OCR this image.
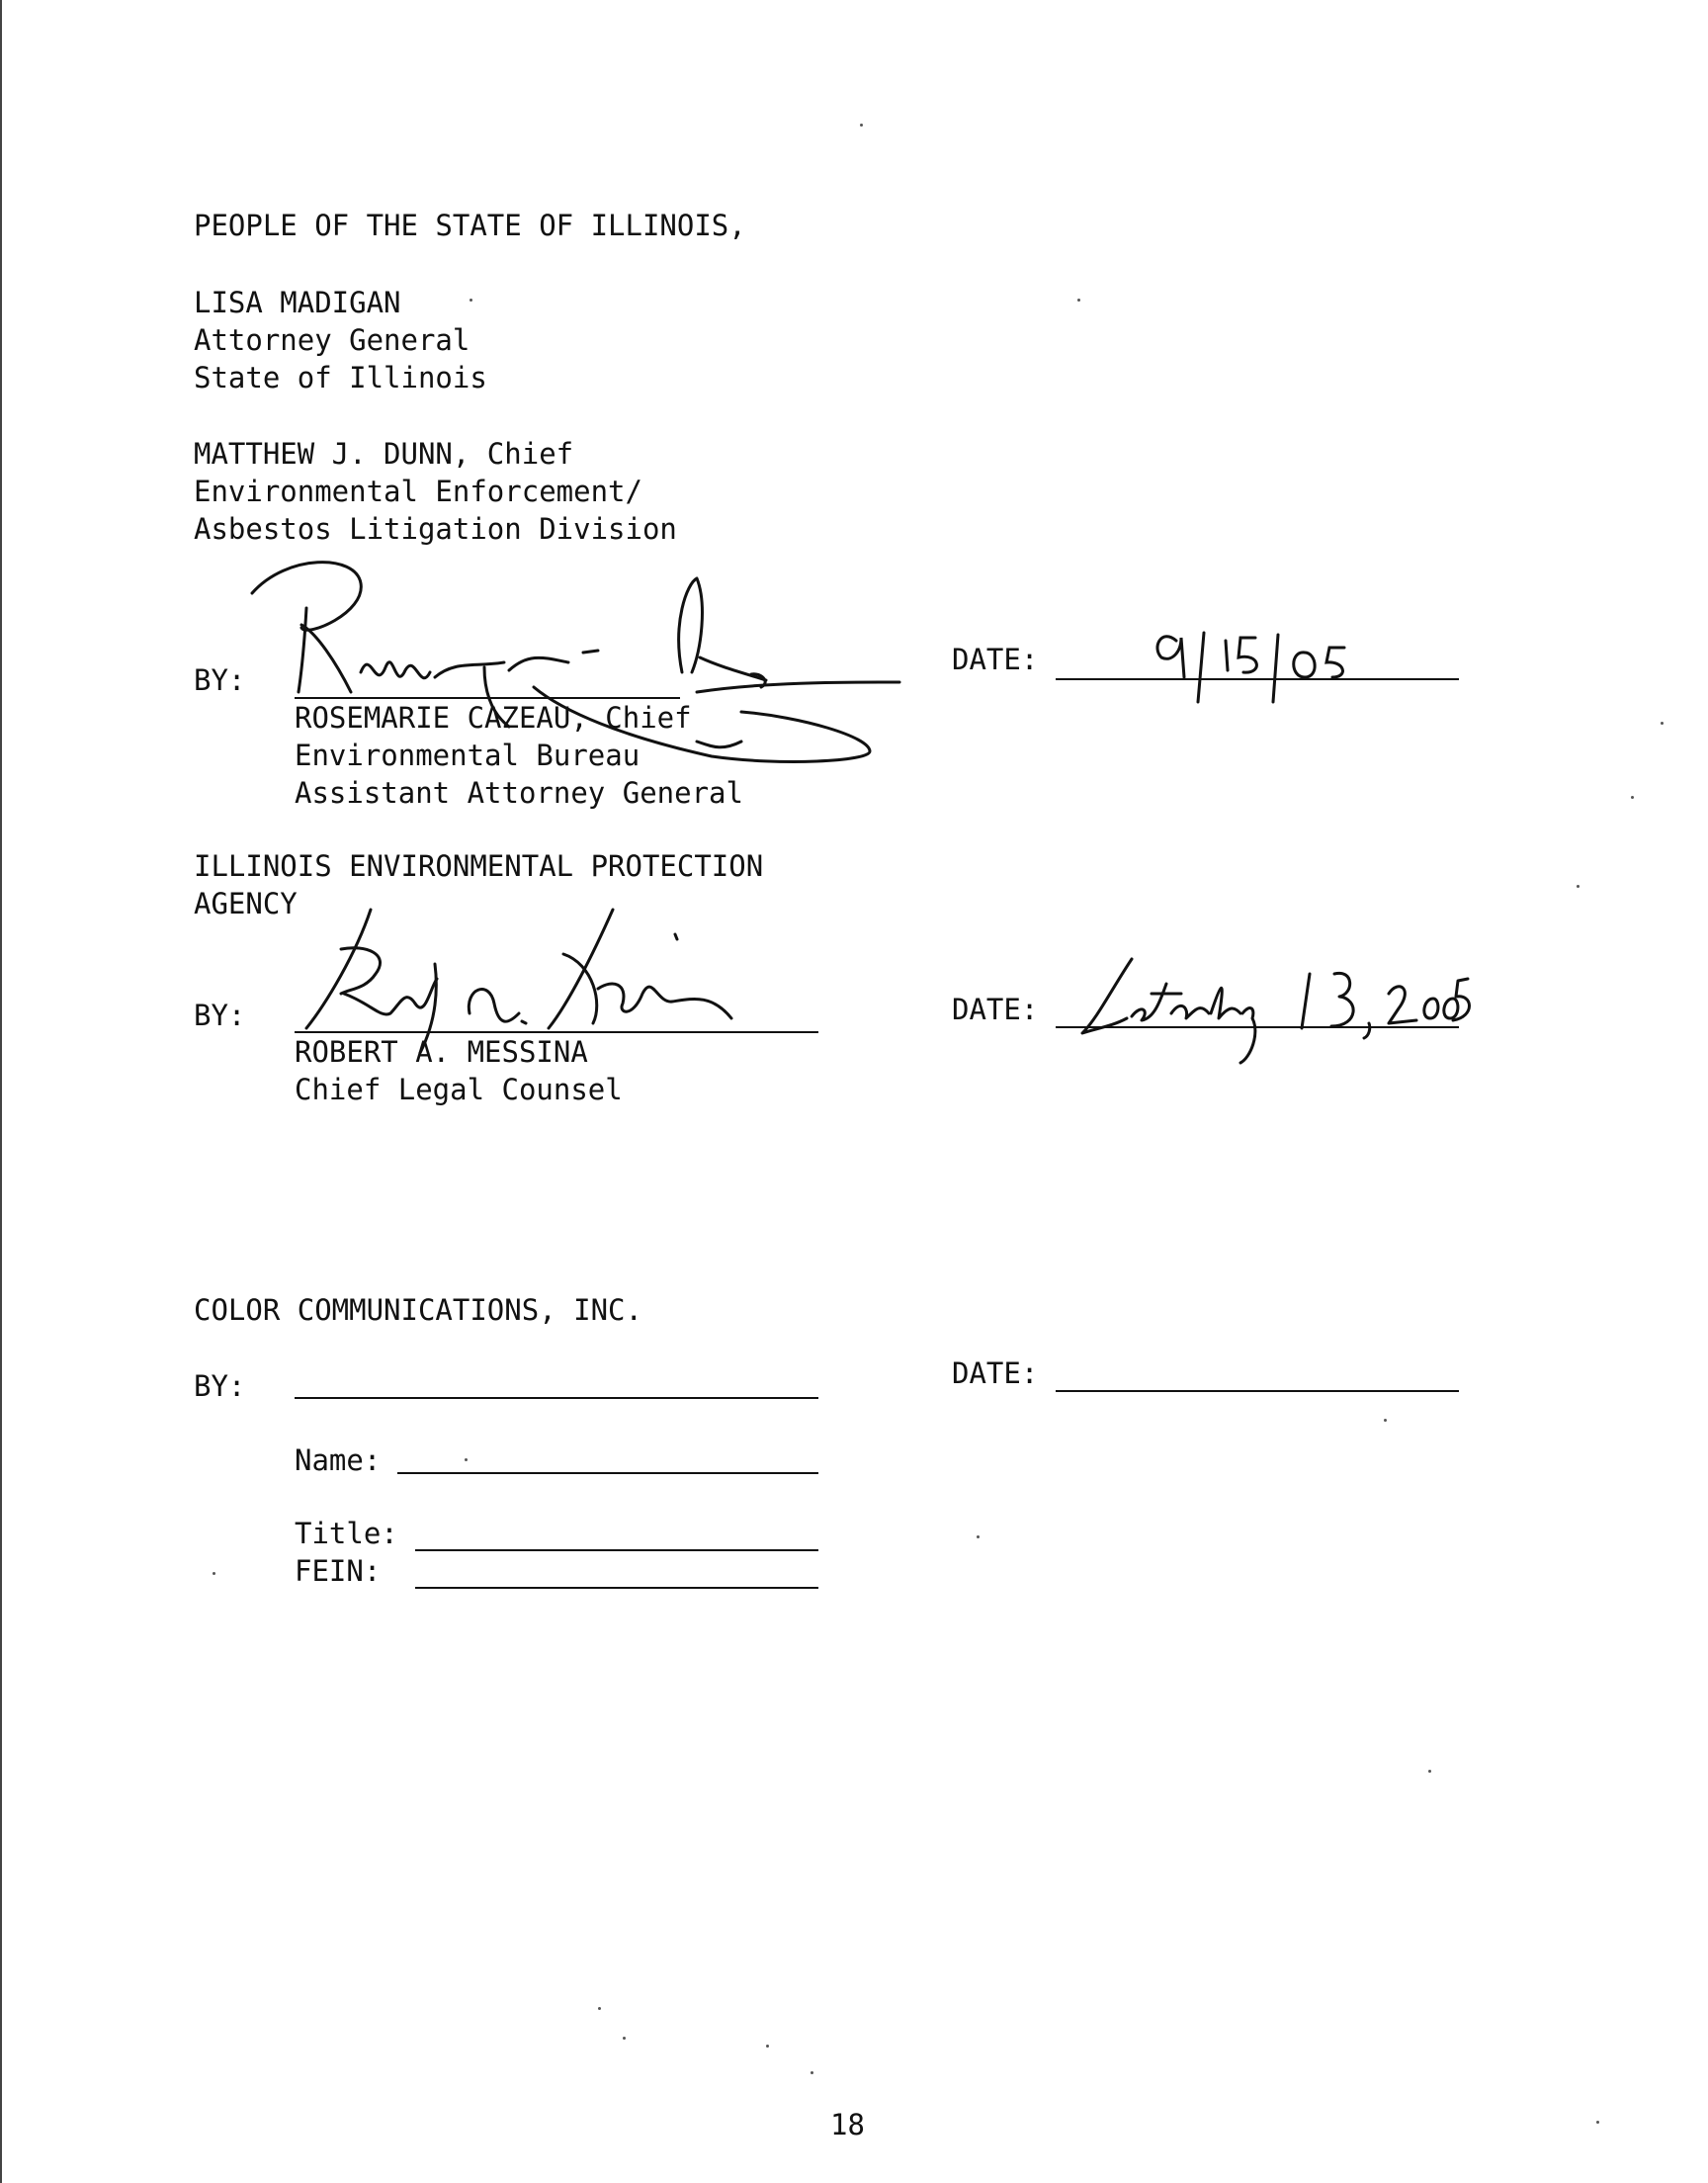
PEOPLE OF THE STATE OF ILLINOIS,
LISA MADIGAN
Attorney General
State of Illinois
MATTHEW J. DUNN, Chief
Environmental Enforcement/
Asbestos Litigation Division
BY:
ROSEMARIE CAZEAU, Chief
Environmental Bureau
Assistant Attorney General
DATE:
ILLINOIS ENVIRONMENTAL PROTECTION
AGENCY
BY:
ROBERT A. MESSINA
Chief Legal Counsel
DATE:
COLOR COMMUNICATIONS, INC.
BY:	DATE:
Name:
Title:
FEIN:
18
